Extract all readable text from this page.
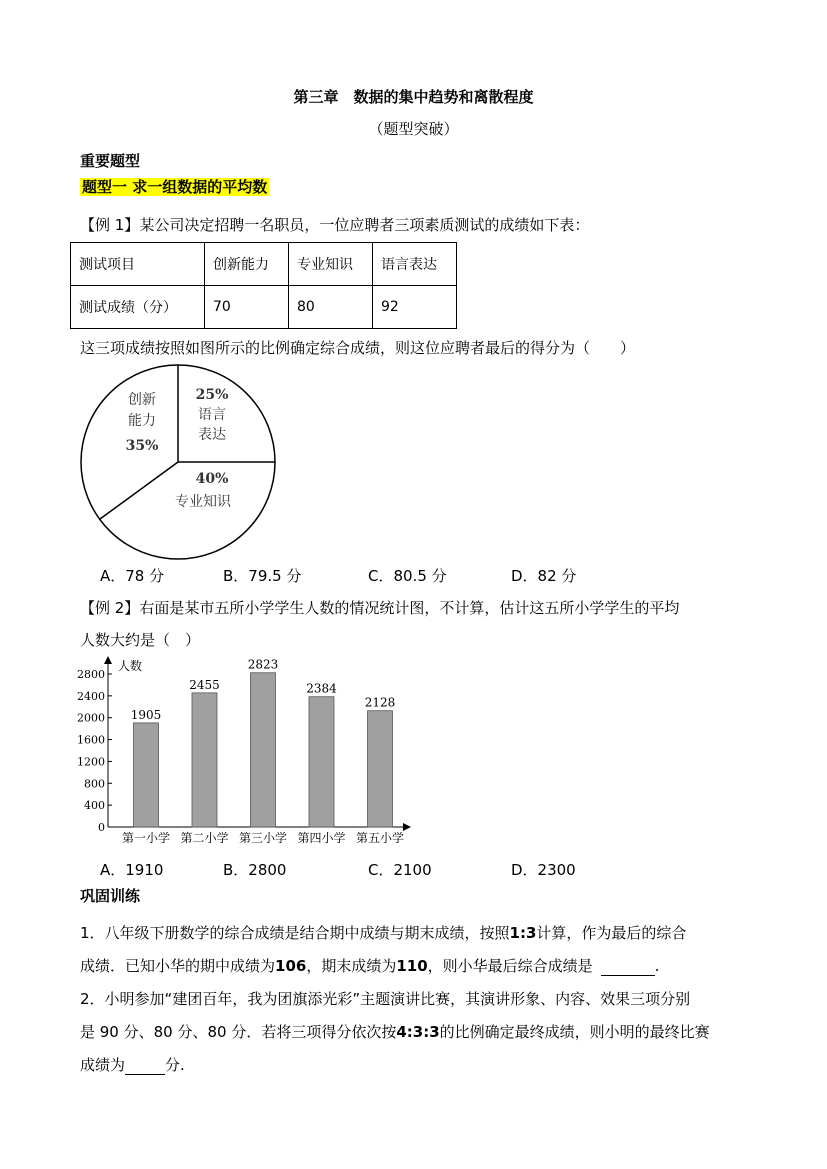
第三章　数据的集中趋势和离散程度
（题型突破）
重要题型
题型一 求一组数据的平均数
【例 1】某公司决定招聘一名职员，一位应聘者三项素质测试的成绩如下表：
测试项目	创新能力	专业知识	语言表达
测试成绩（分）	70	80	92
这三项成绩按照如图所示的比例确定综合成绩，则这位应聘者最后的得分为（　　）
创新
能力
35%
25%
语言
表达
40%
专业知识
A．78 分	B．79.5 分	C．80.5 分	D．82 分
【例 2】右面是某市五所小学学生人数的情况统计图，不计算，估计这五所小学学生的平均
人数大约是（　）
人数
0
400
800
1200
1600
2000
2400
2800
1905
第一小学
2455
第二小学
2823
第三小学
2384
第四小学
2128
第五小学
A．1910	B．2800	C．2100	D．2300
巩固训练
1．八年级下册数学的综合成绩是结合期中成绩与期末成绩，按照1:3计算，作为最后的综合
成绩．已知小华的期中成绩为106，期末成绩为110，则小华最后综合成绩是	.
2．小明参加“建团百年，我为团旗添光彩”主题演讲比赛，其演讲形象、内容、效果三项分别
是 90 分、80 分、80 分．若将三项得分依次按4:3:3的比例确定最终成绩，则小明的最终比赛
成绩为	分.
